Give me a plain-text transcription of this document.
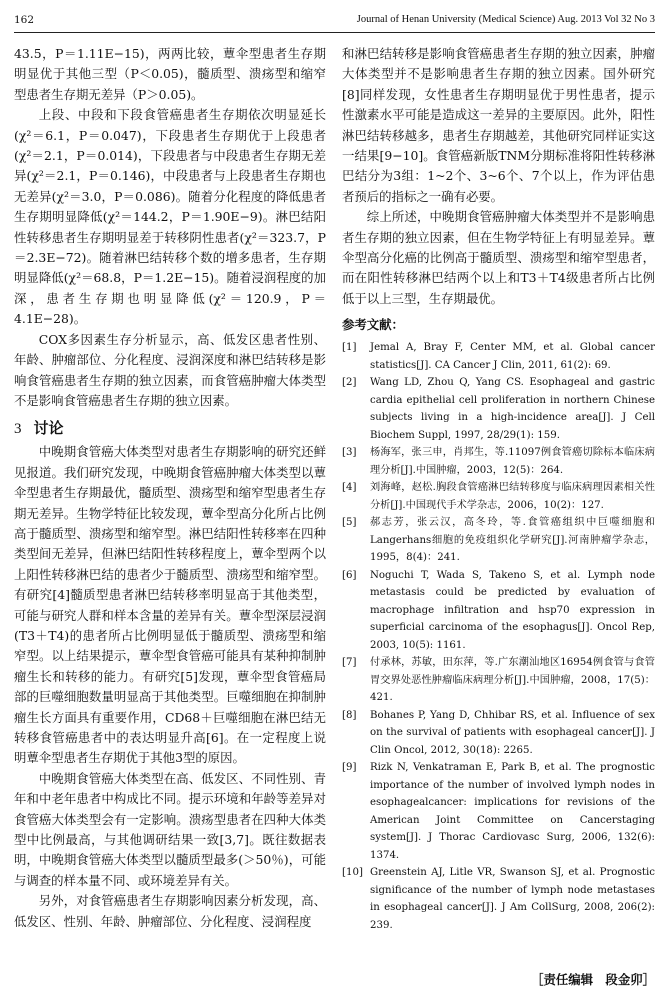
162	Journal of Henan University (Medical Science) Aug. 2013 Vol 32 No 3

43.5，P＝1.11E−15)，两两比较，蕈伞型患者生存期明显优于其他三型（P＜0.05)，髓质型、溃疡型和缩窄型患者生存期无差异（P＞0.05)。

上段、中段和下段食管癌患者生存期依次明显延长(χ²＝6.1，P＝0.047)，下段患者生存期优于上段患者(χ²＝2.1，P＝0.014)，下段患者与中段患者生存期无差异(χ²＝2.1，P＝0.146)，中段患者与上段患者生存期也无差异(χ²＝3.0，P＝0.086)。随着分化程度的降低患者生存期明显降低(χ²＝144.2，P＝1.90E−9)。淋巴结阳性转移患者生存期明显差于转移阴性患者(χ²＝323.7，P＝2.3E−72)。随着淋巴结转移个数的增多患者，生存期明显降低(χ²＝68.8，P＝1.2E−15)。随着浸润程度的加深，患者生存期也明显降低(χ²＝120.9，P＝4.1E−28)。

COX多因素生存分析显示，高、低发区患者性别、年龄、肿瘤部位、分化程度、浸润深度和淋巴结转移是影响食管癌患者生存期的独立因素，而食管癌肿瘤大体类型不是影响食管癌患者生存期的独立因素。

3 讨论

中晚期食管癌大体类型对患者生存期影响的研究还鲜见报道。我们研究发现，中晚期食管癌肿瘤大体类型以蕈伞型患者生存期最优，髓质型、溃疡型和缩窄型患者生存期无差异。生物学特征比较发现，蕈伞型高分化所占比例高于髓质型、溃疡型和缩窄型。淋巴结阳性转移率在四种类型间无差异，但淋巴结阳性转移程度上，蕈伞型两个以上阳性转移淋巴结的患者少于髓质型、溃疡型和缩窄型。有研究[4]髓质型患者淋巴结转移率明显高于其他类型，可能与研究人群和样本含量的差异有关。蕈伞型深层浸润(T3＋T4)的患者所占比例明显低于髓质型、溃疡型和缩窄型。以上结果提示，蕈伞型食管癌可能具有某种抑制肿瘤生长和转移的能力。有研究[5]发现，蕈伞型食管癌局部的巨噬细胞数量明显高于其他类型。巨噬细胞在抑制肿瘤生长方面具有重要作用，CD68＋巨噬细胞在淋巴结无转移食管癌患者中的表达明显升高[6]。在一定程度上说明蕈伞型患者生存期优于其他3型的原因。

中晚期食管癌大体类型在高、低发区、不同性别、青年和中老年患者中构成比不同。提示环境和年龄等差异对食管癌大体类型会有一定影响。溃疡型患者在四种大体类型中比例最高，与其他调研结果一致[3,7]。既往数据表明，中晚期食管癌大体类型以髓质型最多(＞50％)，可能与调查的样本量不同、或环境差异有关。

另外，对食管癌患者生存期影响因素分析发现，高、低发区、性别、年龄、肿瘤部位、分化程度、浸润程度

和淋巴结转移是影响食管癌患者生存期的独立因素，肿瘤大体类型并不是影响患者生存期的独立因素。国外研究[8]同样发现，女性患者生存期明显优于男性患者，提示性激素水平可能是造成这一差异的主要原因。此外，阳性淋巴结转移越多，患者生存期越差，其他研究同样证实这一结果[9−10]。食管癌新版TNM分期标准将阳性转移淋巴结分为3组：1~2个、3~6个、7个以上，作为评估患者预后的指标之一确有必要。

综上所述，中晚期食管癌肿瘤大体类型并不是影响患者生存期的独立因素，但在生物学特征上有明显差异。蕈伞型高分化癌的比例高于髓质型、溃疡型和缩窄型患者，而在阳性转移淋巴结两个以上和T3＋T4级患者所占比例低于以上三型，生存期最优。

参考文献：
[1]	Jemal A, Bray F, Center MM, et al. Global cancer statistics[J]. CA Cancer J Clin, 2011, 61(2): 69.
[2]	Wang LD, Zhou Q, Yang CS. Esophageal and gastric cardia epithelial cell proliferation in northern Chinese subjects living in a high-incidence area[J]. J Cell Biochem Suppl, 1997, 28/29(1): 159.
[3]	杨海军，张三申，肖邦生，等.11097例食管癌切除标本临床病理分析[J].中国肿瘤，2003，12(5)：264.
[4]	刘海峰，赵松.胸段食管癌淋巴结转移度与临床病理因素相关性分析[J].中国现代手术学杂志，2006，10(2)：127.
[5]	郝志芳，张云汉，高冬玲，等.食管癌组织中巨噬细胞和Langerhans细胞的免疫组织化学研究[J].河南肿瘤学杂志，1995，8(4)：241.
[6]	Noguchi T, Wada S, Takeno S, et al. Lymph node metastasis could be predicted by evaluation of macrophage infiltration and hsp70 expression in superficial carcinoma of the esophagus[J]. Oncol Rep, 2003, 10(5): 1161.
[7]	付承林，苏敏，田东萍，等.广东潮汕地区16954例食管与食管胃交界处恶性肿瘤临床病理分析[J].中国肿瘤，2008，17(5)：421.
[8]	Bohanes P, Yang D, Chhibar RS, et al. Influence of sex on the survival of patients with esophageal cancer[J]. J Clin Oncol, 2012, 30(18): 2265.
[9]	Rizk N, Venkatraman E, Park B, et al. The prognostic importance of the number of involved lymph nodes in esophagealcancer: implications for revisions of the American Joint Committee on Cancerstaging system[J]. J Thorac Cardiovasc Surg, 2006, 132(6): 1374.
[10] Greenstein AJ, Litle VR, Swanson SJ, et al. Prognostic significance of the number of lymph node metastases in esophageal cancer[J]. J Am CollSurg, 2008, 206(2): 239.
［责任编辑　段金卯］
